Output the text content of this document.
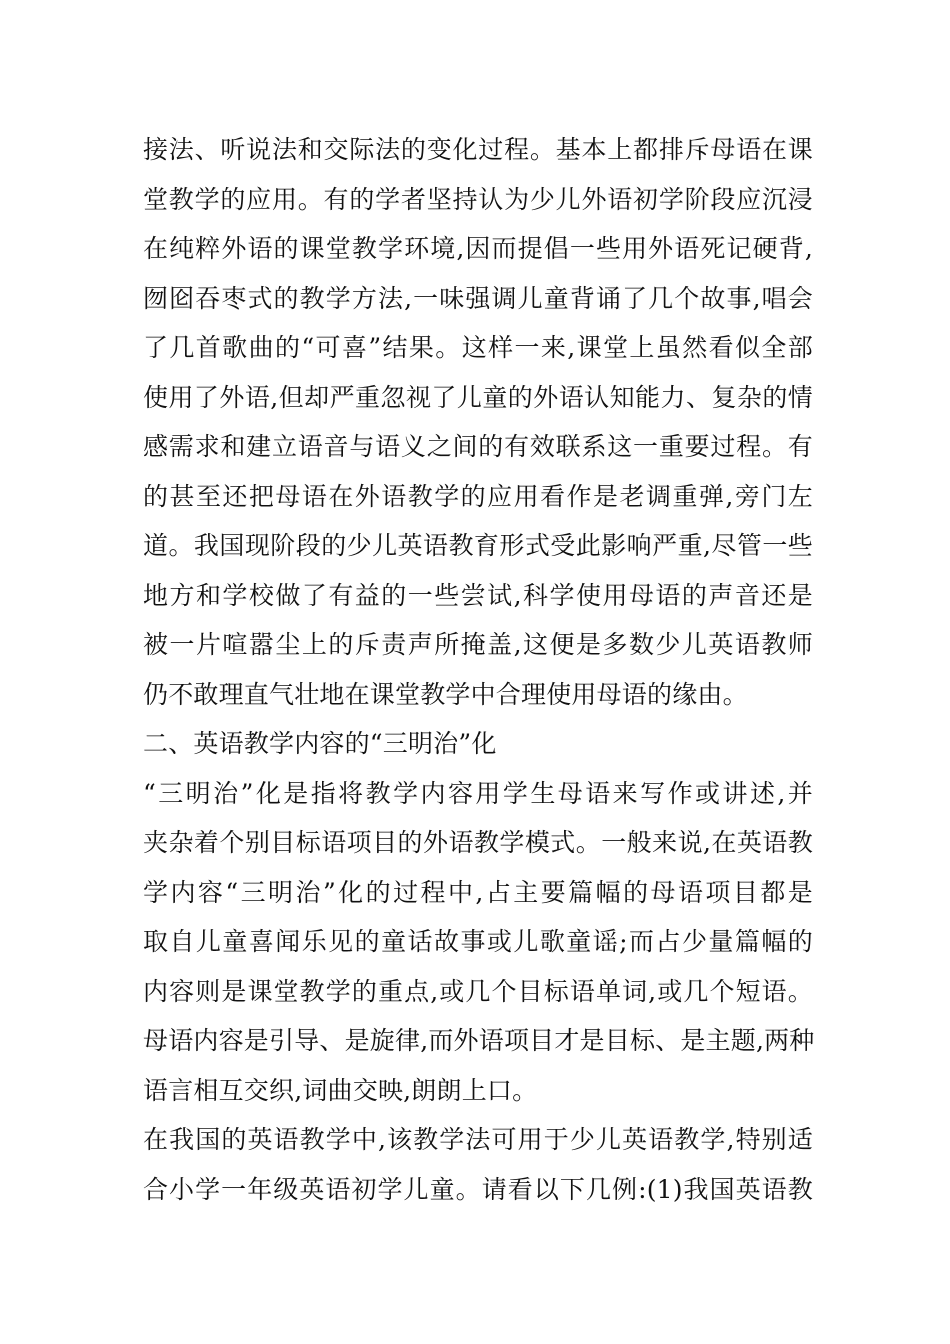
接法、听说法和交际法的变化过程。基本上都排斥母语在课
堂教学的应用。有的学者坚持认为少儿外语初学阶段应沉浸
在纯粹外语的课堂教学环境,因而提倡一些用外语死记硬背,
囫囵吞枣式的教学方法,一味强调儿童背诵了几个故事,唱会
了几首歌曲的“可喜”结果。这样一来,课堂上虽然看似全部
使用了外语,但却严重忽视了儿童的外语认知能力、复杂的情
感需求和建立语音与语义之间的有效联系这一重要过程。有
的甚至还把母语在外语教学的应用看作是老调重弹,旁门左
道。我国现阶段的少儿英语教育形式受此影响严重,尽管一些
地方和学校做了有益的一些尝试,科学使用母语的声音还是
被一片喧嚣尘上的斥责声所掩盖,这便是多数少儿英语教师
仍不敢理直气壮地在课堂教学中合理使用母语的缘由。
二、英语教学内容的“三明治”化
“三明治”化是指将教学内容用学生母语来写作或讲述,并
夹杂着个别目标语项目的外语教学模式。一般来说,在英语教
学内容“三明治”化的过程中,占主要篇幅的母语项目都是
取自儿童喜闻乐见的童话故事或儿歌童谣;而占少量篇幅的
内容则是课堂教学的重点,或几个目标语单词,或几个短语。
母语内容是引导、是旋律,而外语项目才是目标、是主题,两种
语言相互交织,词曲交映,朗朗上口。
在我国的英语教学中,该教学法可用于少儿英语教学,特别适
合小学一年级英语初学儿童。请看以下几例:(1)我国英语教
